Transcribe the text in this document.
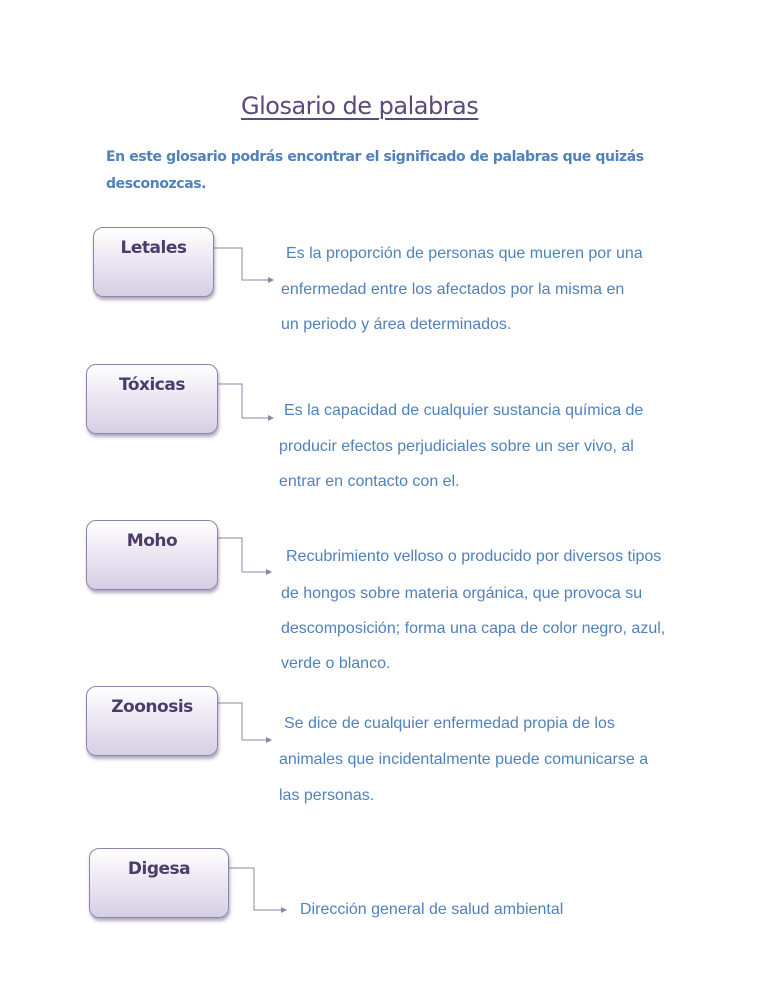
Glosario de palabras
En este glosario podrás encontrar el significado de palabras que quizás desconozcas.
Letales
Tóxicas
Moho
Zoonosis
Digesa
Es la proporción de personas que mueren por una
enfermedad entre los afectados por la misma en
un periodo y área determinados.
Es la capacidad de cualquier sustancia química de
producir efectos perjudiciales sobre un ser vivo, al
entrar en contacto con el.
Recubrimiento velloso o producido por diversos tipos
de hongos sobre materia orgánica, que provoca su
descomposición; forma una capa de color negro, azul,
verde o blanco.
Se dice de cualquier enfermedad propia de los
animales que incidentalmente puede comunicarse a
las personas.
Dirección general de salud ambiental
